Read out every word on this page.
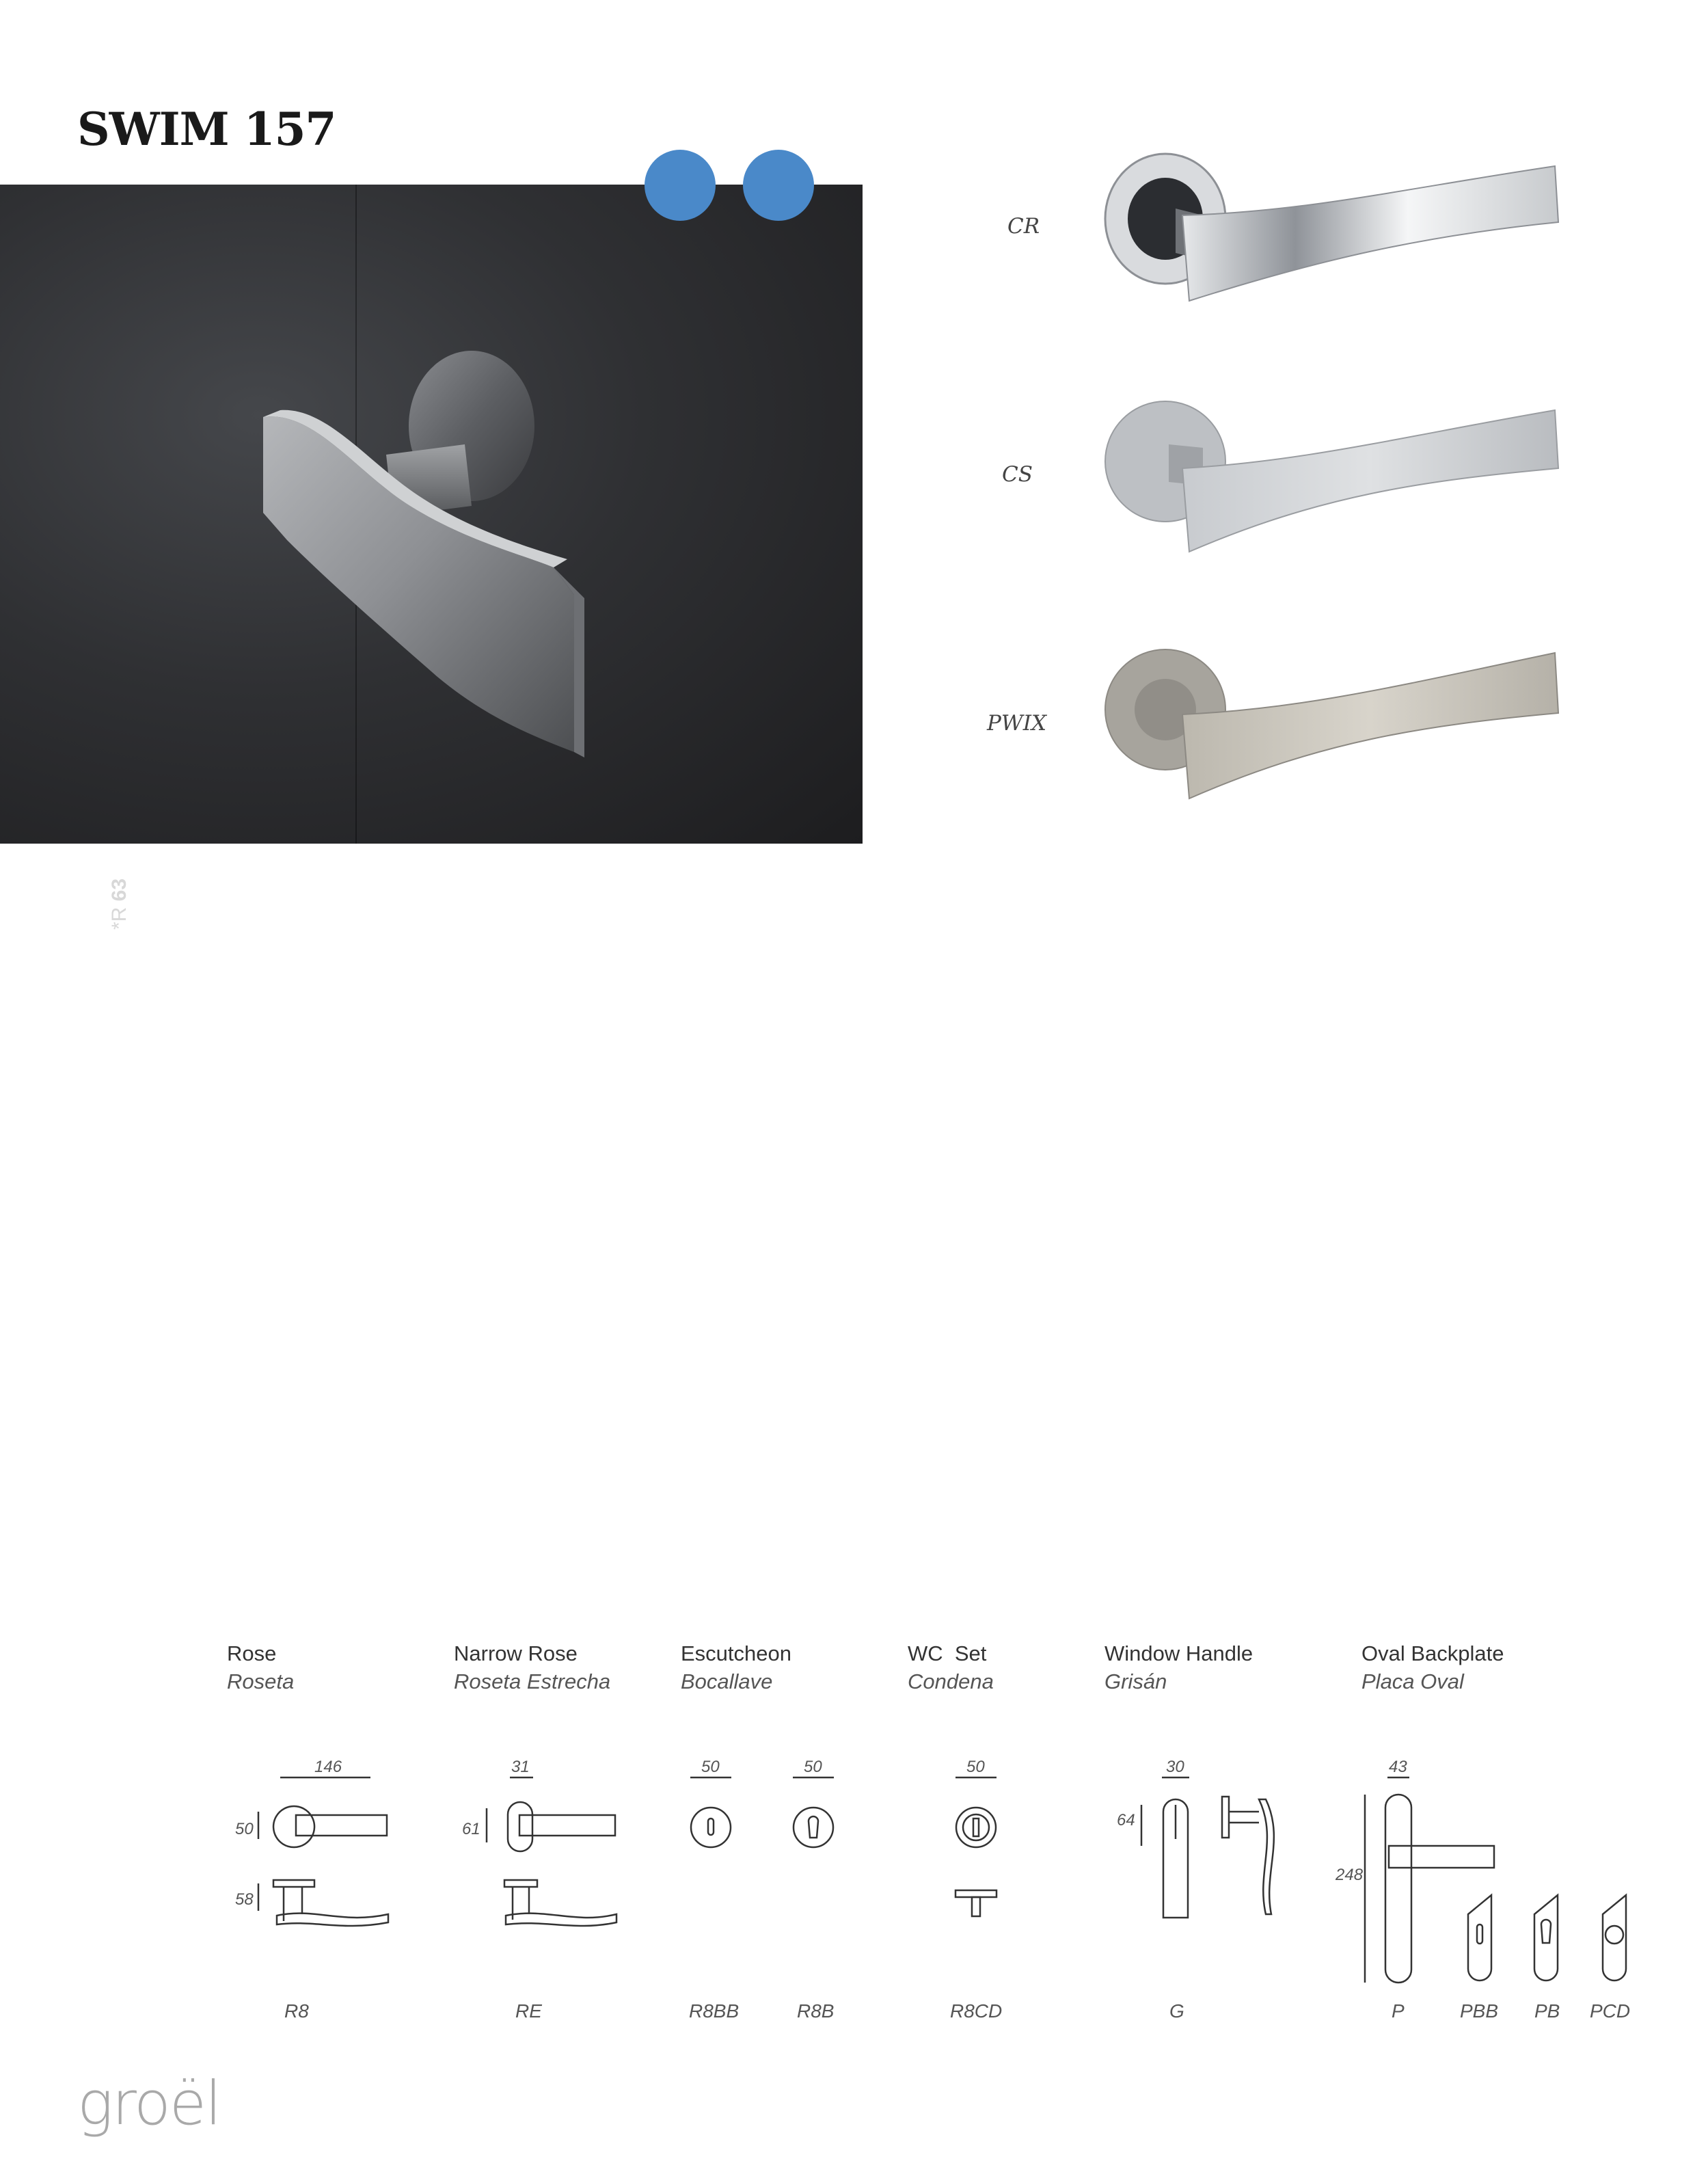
SWIM 157
*R 63
CR
CS
PWIX
Rose
Roseta
Narrow Rose
Roseta Estrecha
Escutcheon
Bocallave
WC  Set
Condena
Window Handle
Grisán
Oval Backplate
Placa Oval
146
50
58
31
61
50	50	50	30
64
43
248
R8	RE	R8BB	R8B	R8CD	G	P	PBB PB PCD
groël
